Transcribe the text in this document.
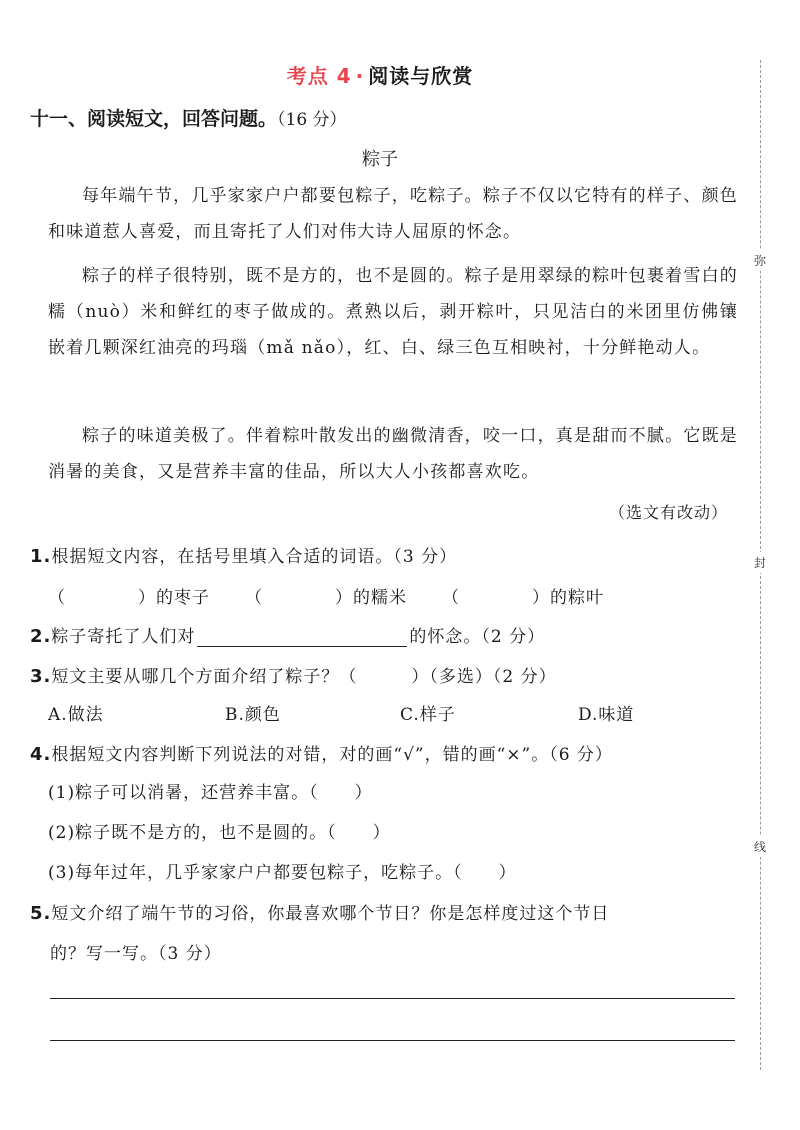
考点 4 · 阅读与欣赏
十一、阅读短文，回答问题。（16 分）
粽子
每年端午节，几乎家家户户都要包粽子，吃粽子。粽子不仅以它特有的样子、颜色和味道惹人喜爱，而且寄托了人们对伟大诗人屈原的怀念。
粽子的样子很特别，既不是方的，也不是圆的。粽子是用翠绿的粽叶包裹着雪白的糯（nuò）米和鲜红的枣子做成的。煮熟以后，剥开粽叶，只见洁白的米团里仿佛镶嵌着几颗深红油亮的玛瑙（mǎ nǎo），红、白、绿三色互相映衬，十分鲜艳动人。
粽子的味道美极了。伴着粽叶散发出的幽微清香，咬一口，真是甜而不腻。它既是消暑的美食，又是营养丰富的佳品，所以大人小孩都喜欢吃。
（选文有改动）
1.根据短文内容，在括号里填入合适的词语。（3 分）
（　　　　）的枣子 （　　　　）的糯米 （　　　　）的粽叶
2.粽子寄托了人们对	的怀念。（2 分）
3.短文主要从哪几个方面介绍了粽子？（　　　）（多选）（2 分）
A.做法	B.颜色	C.样子	D.味道
4.根据短文内容判断下列说法的对错，对的画“√”，错的画“×”。（6 分）
(1)粽子可以消暑，还营养丰富。（　　）
(2)粽子既不是方的，也不是圆的。（　　）
(3)每年过年，几乎家家户户都要包粽子，吃粽子。（　　）
5.短文介绍了端午节的习俗，你最喜欢哪个节日？你是怎样度过这个节日
的？写一写。（3 分）
弥
封
线
